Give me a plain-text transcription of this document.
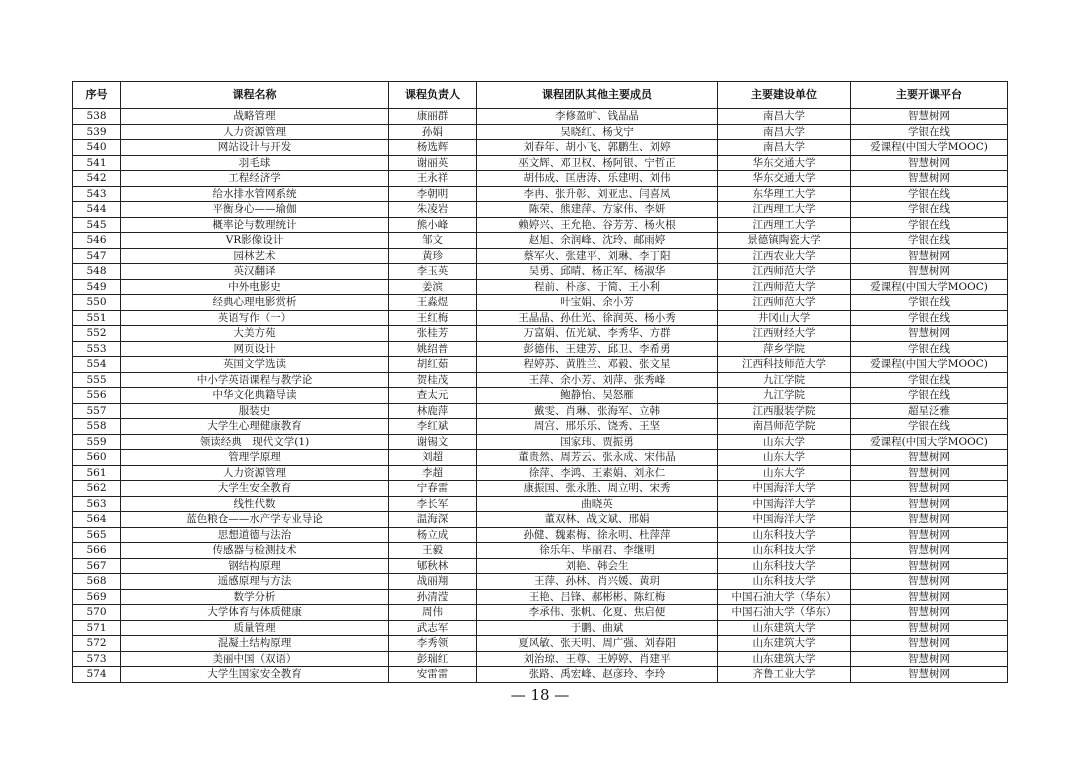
序号	课程名称	课程负责人	课程团队其他主要成员	主要建设单位	主要开课平台
538	战略管理	康丽群	李修盈旷、钱晶晶	南昌大学	智慧树网
539	人力资源管理	孙娟	吴晓红、杨戈宁	南昌大学	学银在线
540	网站设计与开发	杨选辉	刘春年、胡小飞、郭鹏生、刘婷	南昌大学	爱课程(中国大学MOOC)
541	羽毛球	谢丽英	巫文辉、邓卫权、杨阿银、宁哲正	华东交通大学	智慧树网
542	工程经济学	王永祥	胡伟成、匡唐涛、乐建明、刘伟	华东交通大学	智慧树网
543	给水排水管网系统	李朝明	李冉、张升彰、刘亚忠、闫喜凤	东华理工大学	学银在线
544	平衡身心——瑜伽	朱凌岩	陈荣、熊建萍、方家伟、李妍	江西理工大学	学银在线
545	概率论与数理统计	熊小峰	赖婷兴、王允艳、谷芳芳、杨火根	江西理工大学	学银在线
546	VR影像设计	邹文	赵旭、余润峰、沈玲、邮雨婷	景德镇陶瓷大学	学银在线
547	园林艺术	黄珍	蔡军火、张建平、刘琳、李丁阳	江西农业大学	智慧树网
548	英汉翻译	李玉英	吴勇、邱晴、杨正军、杨淑华	江西师范大学	智慧树网
549	中外电影史	姜滨	程前、朴彦、于简、王小利	江西师范大学	爱课程(中国大学MOOC)
550	经典心理电影赏析	王淼煜	叶宝娟、余小芳	江西师范大学	学银在线
551	英语写作（一）	王红梅	王晶晶、孙仕光、徐润英、杨小秀	井冈山大学	学银在线
552	大美方苑	张桂芳	万富娟、伍光斌、李秀华、方群	江西财经大学	智慧树网
553	网页设计	姚绍普	彭德伟、王建芳、邱卫、李希勇	萍乡学院	学银在线
554	英国文学选读	胡红茹	程婷苏、黄胜兰、邓毅、张文星	江西科技师范大学	爱课程(中国大学MOOC)
555	中小学英语课程与教学论	贺桂茂	王萍、余小芳、刘萍、张秀峰	九江学院	学银在线
556	中华文化典籍导读	查太元	鲍静怡、吴怒雁	九江学院	学银在线
557	服装史	林鹿萍	戴雯、肖琳、张海军、立韩	江西服装学院	超星泛雅
558	大学生心理健康教育	李红斌	周宫、邢乐乐、饶秀、王坚	南昌师范学院	学银在线
559	领读经典　现代文学(1)	谢锡文	国家玮、贾振勇	山东大学	爱课程(中国大学MOOC)
560	管理学原理	刘超	董贵然、周芳云、张永成、宋伟晶	山东大学	智慧树网
561	人力资源管理	李超	徐萍、李鸿、王素娟、刘永仁	山东大学	智慧树网
562	大学生安全教育	宁春雷	康振国、张永胜、周立明、宋秀	中国海洋大学	智慧树网
563	线性代数	李长军	曲晓英	中国海洋大学	智慧树网
564	蓝色粮仓——水产学专业导论	温海深	董双林、战文斌、邢娟	中国海洋大学	智慧树网
565	思想道德与法治	杨立成	孙健、魏素梅、徐永明、杜萍萍	山东科技大学	智慧树网
566	传感器与检测技术	王毅	徐乐年、毕丽君、李继明	山东科技大学	智慧树网
567	钢结构原理	郇秋林	刘艳、韩会生	山东科技大学	智慧树网
568	遥感原理与方法	战丽翔	王萍、孙林、肖兴媛、黄玥	山东科技大学	智慧树网
569	数学分析	孙清滢	王艳、吕锋、郝彬彬、陈红梅	中国石油大学（华东）	智慧树网
570	大学体育与体质健康	周伟	李承伟、张帆、化夏、焦启便	中国石油大学（华东）	智慧树网
571	质量管理	武志军	于鹏、曲斌	山东建筑大学	智慧树网
572	混凝土结构原理	李秀领	夏风敏、张天明、周广强、刘春阳	山东建筑大学	智慧树网
573	美丽中国（双语）	彭瑞红	刘治琼、王尊、王婷婷、肖建平	山东建筑大学	智慧树网
574	大学生国家安全教育	安雷雷	张路、禹宏峰、赵彦玲、李玲	齐鲁工业大学	智慧树网
— 18 —
